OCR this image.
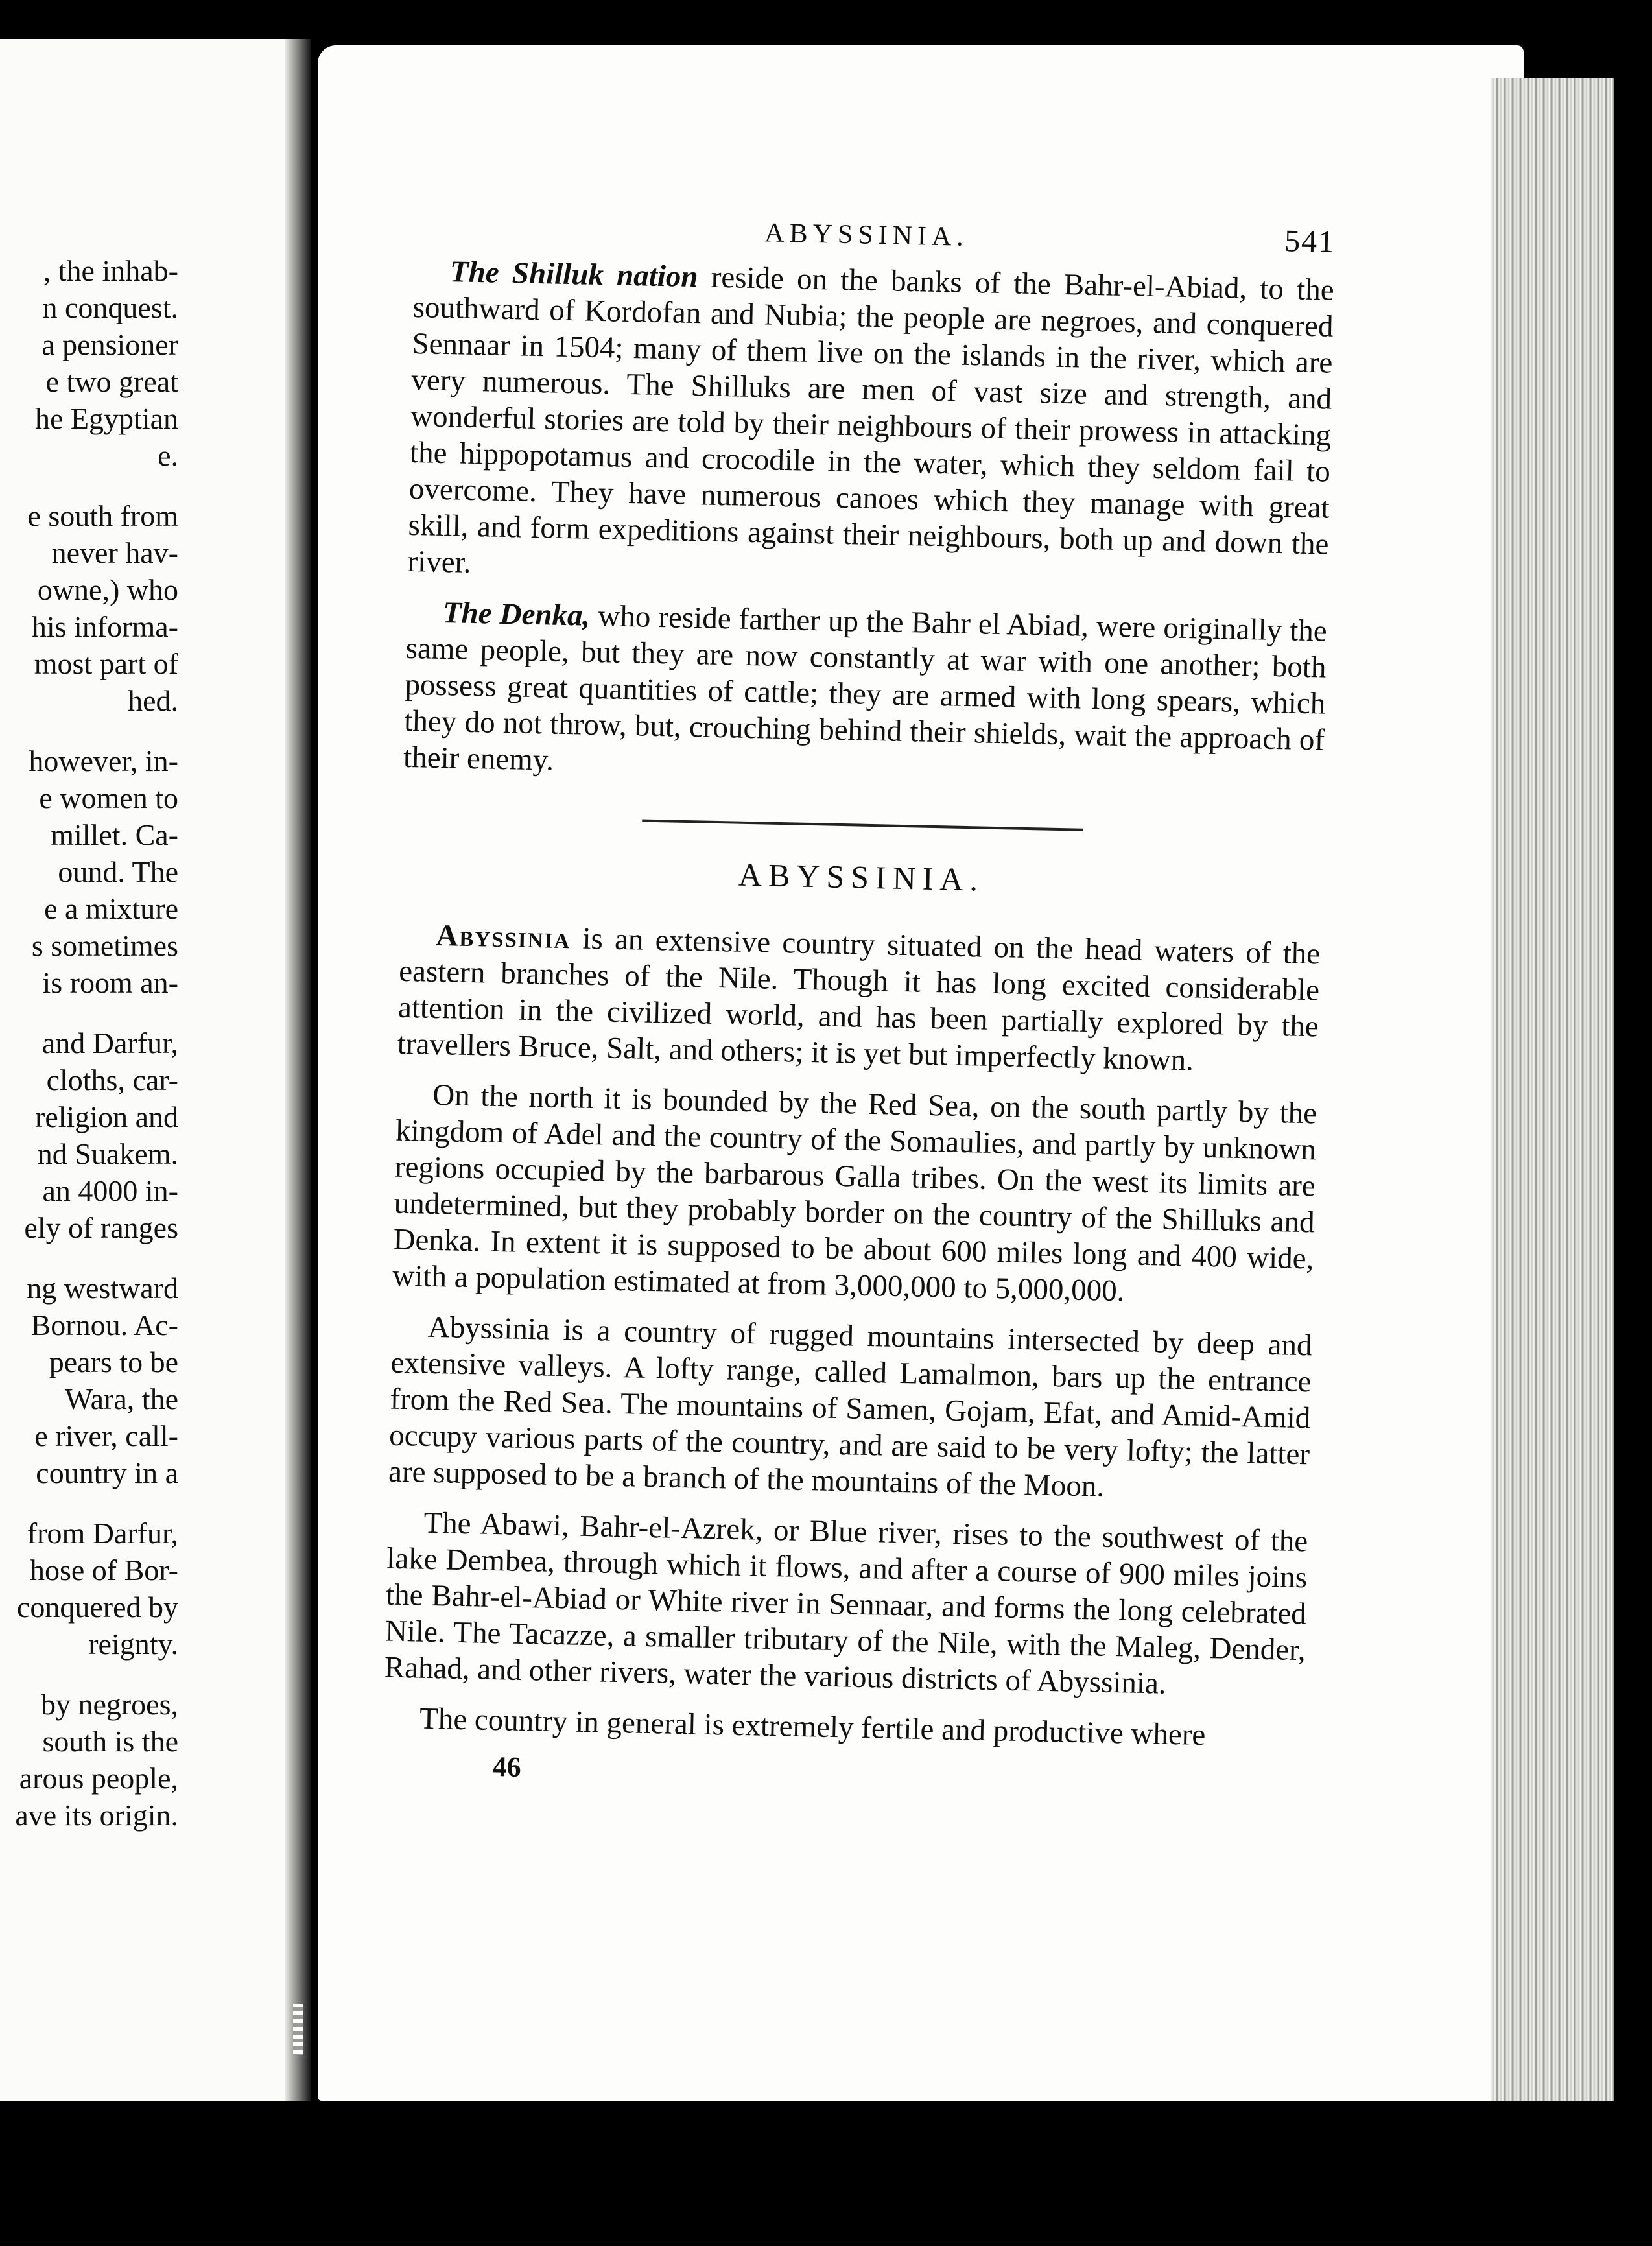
, the inhab-
n conquest.
a pensioner
e two great
he Egyptian
e.
e south from
never hav-
owne,) who
his informa-
most part of
hed.
however, in-
e women to
millet. Ca-
ound. The
e a mixture
s sometimes
is room an-
and Darfur,
cloths, car-
religion and
nd Suakem.
an 4000 in-
ely of ranges
ng westward
Bornou. Ac-
pears to be
Wara, the
e river, call-
country in a
from Darfur,
hose of Bor-
conquered by
reignty.
by negroes,
south is the
arous people,
ave its origin.
ABYSSINIA.	541

The Shilluk nation reside on the banks of the Bahr-el-Abiad, to the southward of Kordofan and Nubia; the people are negroes, and conquered Sennaar in 1504; many of them live on the islands in the river, which are very numerous. The Shilluks are men of vast size and strength, and wonderful stories are told by their neighbours of their prowess in attacking the hippopotamus and crocodile in the water, which they seldom fail to overcome. They have numerous canoes which they manage with great skill, and form expeditions against their neighbours, both up and down the river.

The Denka, who reside farther up the Bahr el Abiad, were originally the same people, but they are now constantly at war with one another; both possess great quantities of cattle; they are armed with long spears, which they do not throw, but, crouching behind their shields, wait the approach of their enemy.

ABYSSINIA.

Abyssinia is an extensive country situated on the head waters of the eastern branches of the Nile. Though it has long excited considerable attention in the civilized world, and has been partially explored by the travellers Bruce, Salt, and others; it is yet but imperfectly known.

On the north it is bounded by the Red Sea, on the south partly by the kingdom of Adel and the country of the Somaulies, and partly by unknown regions occupied by the barbarous Galla tribes. On the west its limits are undetermined, but they probably border on the country of the Shilluks and Denka. In extent it is supposed to be about 600 miles long and 400 wide, with a population estimated at from 3,000,000 to 5,000,000.

Abyssinia is a country of rugged mountains intersected by deep and extensive valleys. A lofty range, called Lamalmon, bars up the entrance from the Red Sea. The mountains of Samen, Gojam, Efat, and Amid-Amid occupy various parts of the country, and are said to be very lofty; the latter are supposed to be a branch of the mountains of the Moon.

The Abawi, Bahr-el-Azrek, or Blue river, rises to the southwest of the lake Dembea, through which it flows, and after a course of 900 miles joins the Bahr-el-Abiad or White river in Sennaar, and forms the long celebrated Nile. The Tacazze, a smaller tributary of the Nile, with the Maleg, Dender, Rahad, and other rivers, water the various districts of Abyssinia.

The country in general is extremely fertile and productive where

46
